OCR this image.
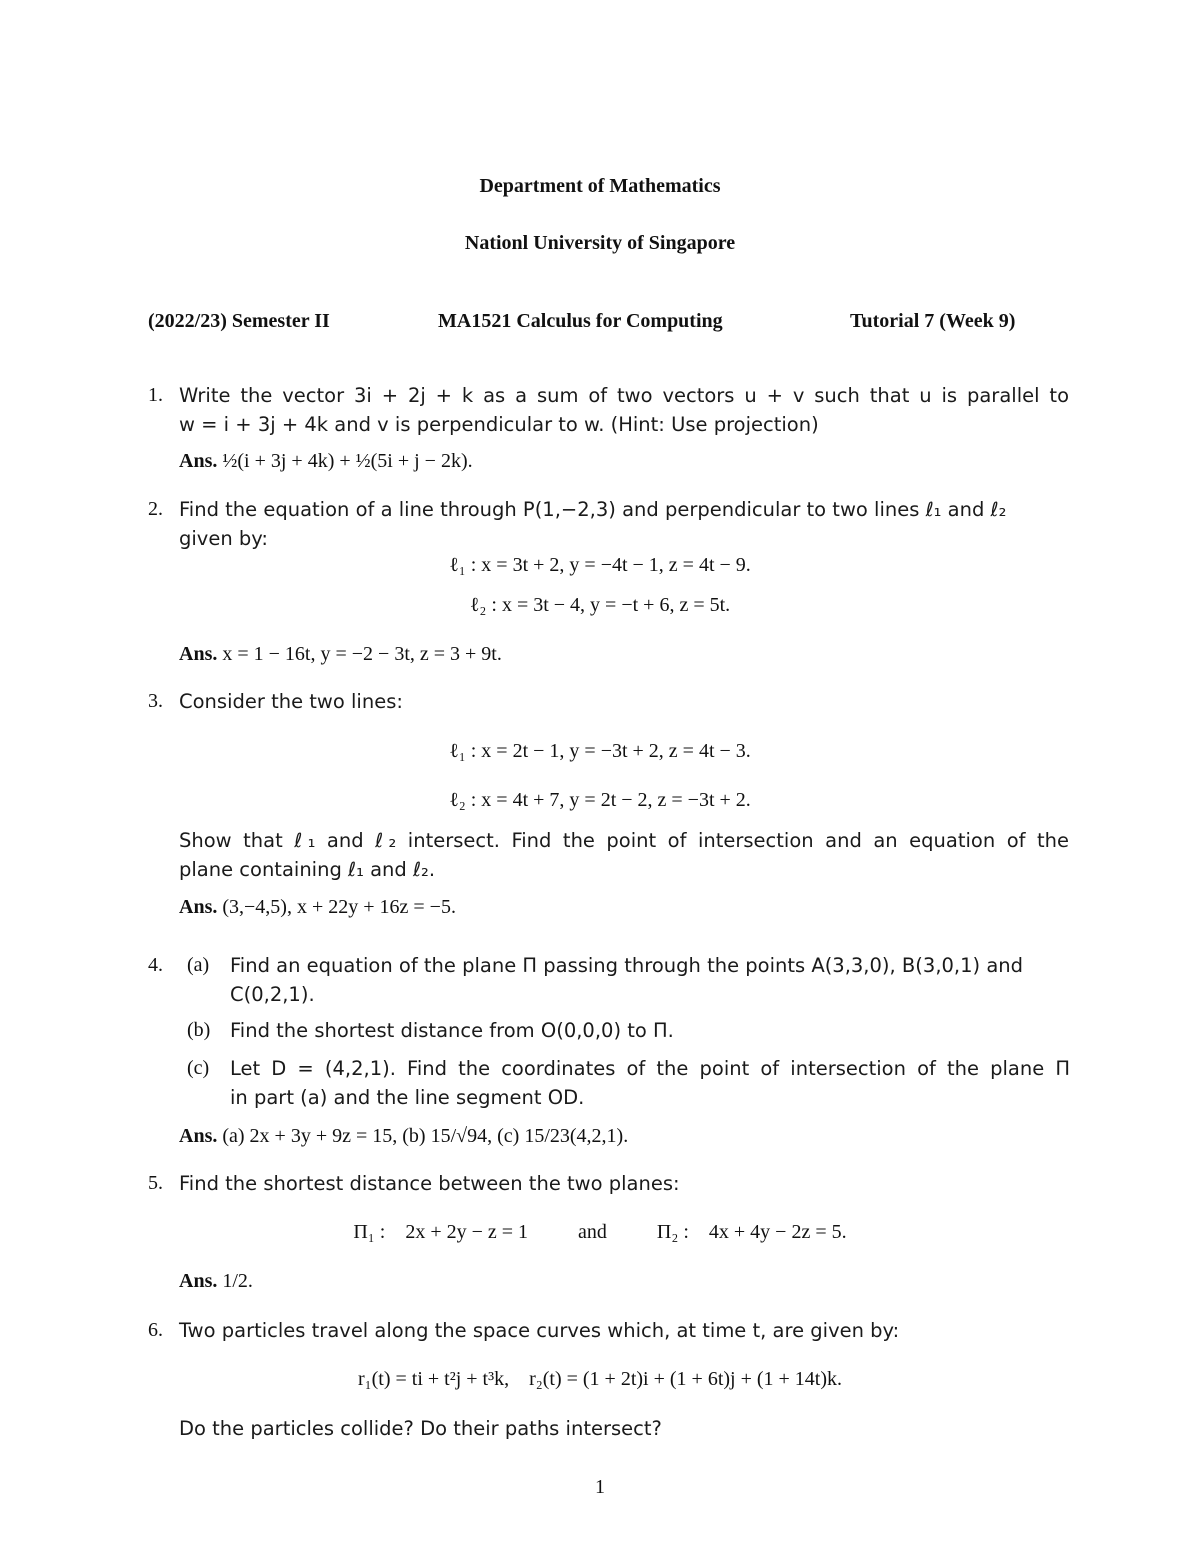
Department of Mathematics
Nationl University of Singapore
(2022/23) Semester II	MA1521 Calculus for Computing	Tutorial 7 (Week 9)
1. Write the vector 3i + 2j + k as a sum of two vectors u + v such that u is parallel to
w = i + 3j + 4k and v is perpendicular to w. (Hint: Use projection)
Ans. ½(i + 3j + 4k) + ½(5i + j − 2k).
2. Find the equation of a line through P(1,−2,3) and perpendicular to two lines ℓ₁ and ℓ₂
given by:
ℓ₁ : x = 3t + 2, y = −4t − 1, z = 4t − 9.
ℓ₂ : x = 3t − 4, y = −t + 6, z = 5t.
Ans. x = 1 − 16t, y = −2 − 3t, z = 3 + 9t.
3. Consider the two lines:
ℓ₁ : x = 2t − 1, y = −3t + 2, z = 4t − 3.
ℓ₂ : x = 4t + 7, y = 2t − 2, z = −3t + 2.
Show that ℓ₁ and ℓ₂ intersect. Find the point of intersection and an equation of the
plane containing ℓ₁ and ℓ₂.
Ans. (3,−4,5), x + 22y + 16z = −5.
4. (a) Find an equation of the plane Π passing through the points A(3,3,0), B(3,0,1) and
C(0,2,1).
(b) Find the shortest distance from O(0,0,0) to Π.
(c) Let D = (4,2,1). Find the coordinates of the point of intersection of the plane Π
in part (a) and the line segment OD.
Ans. (a) 2x + 3y + 9z = 15, (b) 15/√94, (c) 15/23(4,2,1).
5. Find the shortest distance between the two planes:
Π₁ :    2x + 2y − z = 1          and          Π₂ :    4x + 4y − 2z = 5.
Ans. 1/2.
6. Two particles travel along the space curves which, at time t, are given by:
r₁(t) = ti + t²j + t³k,    r₂(t) = (1 + 2t)i + (1 + 6t)j + (1 + 14t)k.
Do the particles collide? Do their paths intersect?
1
